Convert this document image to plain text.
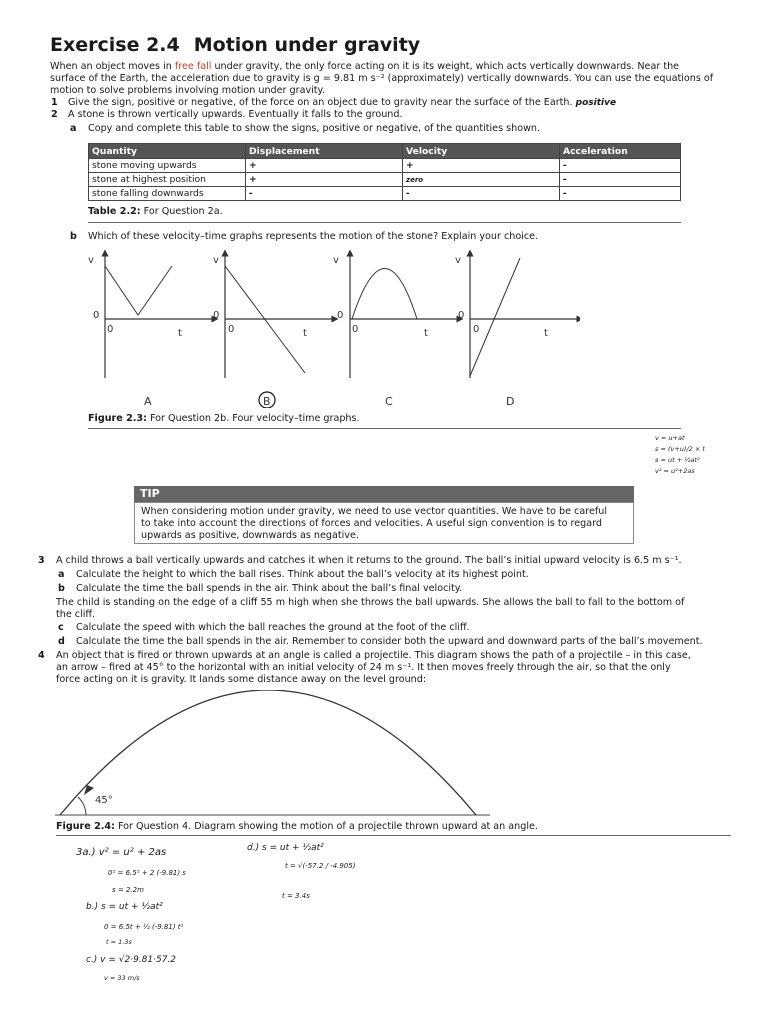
Exercise 2.4 Motion under gravity
When an object moves in free fall under gravity, the only force acting on it is its weight, which acts vertically downwards. Near the
surface of the Earth, the acceleration due to gravity is g = 9.81 m s⁻² (approximately) vertically downwards. You can use the equations of
motion to solve problems involving motion under gravity.
1 Give the sign, positive or negative, of the force on an object due to gravity near the surface of the Earth. positive
2 A stone is thrown vertically upwards. Eventually it falls to the ground.
a Copy and complete this table to show the signs, positive or negative, of the quantities shown.
Quantity	Displacement	Velocity	Acceleration
stone moving upwards	+	+	-
stone at highest position	+	zero	-
stone falling downwards	-	-	-
Table 2.2: For Question 2a.
b Which of these velocity–time graphs represents the motion of the stone? Explain your choice.
v
0
0	t
v
0
0	t
v
0
0	t
v
0
0	t
A	B	C	D
Figure 2.3: For Question 2b. Four velocity–time graphs.
v = u+at
s = (v+u)/2 × t
s = ut + ½at²
v² = u²+2as
TIP
When considering motion under gravity, we need to use vector quantities. We have to be careful
to take into account the directions of forces and velocities. A useful sign convention is to regard
upwards as positive, downwards as negative.
3 A child throws a ball vertically upwards and catches it when it returns to the ground. The ball’s initial upward velocity is 6.5 m s⁻¹.
a Calculate the height to which the ball rises. Think about the ball’s velocity at its highest point.
b Calculate the time the ball spends in the air. Think about the ball’s final velocity.
The child is standing on the edge of a cliff 55 m high when she throws the ball upwards. She allows the ball to fall to the bottom of
the cliff.
c Calculate the speed with which the ball reaches the ground at the foot of the cliff.
d Calculate the time the ball spends in the air. Remember to consider both the upward and downward parts of the ball’s movement.
4 An object that is fired or thrown upwards at an angle is called a projectile. This diagram shows the path of a projectile – in this case,
an arrow – fired at 45° to the horizontal with an initial velocity of 24 m s⁻¹. It then moves freely through the air, so that the only
force acting on it is gravity. It lands some distance away on the level ground:
45°
Figure 2.4: For Question 4. Diagram showing the motion of a projectile thrown upward at an angle.
3a.) v² = u² + 2as
0² = 6.5² + 2 (-9.81) s
s = 2.2m
b.) s = ut + ½at²
0 = 6.5t + ½ (-9.81) t²
t = 1.3s
c.) v = √2·9.81·57.2
v = 33 m/s
d.) s = ut + ½at²
t = √(-57.2 / -4.905)
t = 3.4s
